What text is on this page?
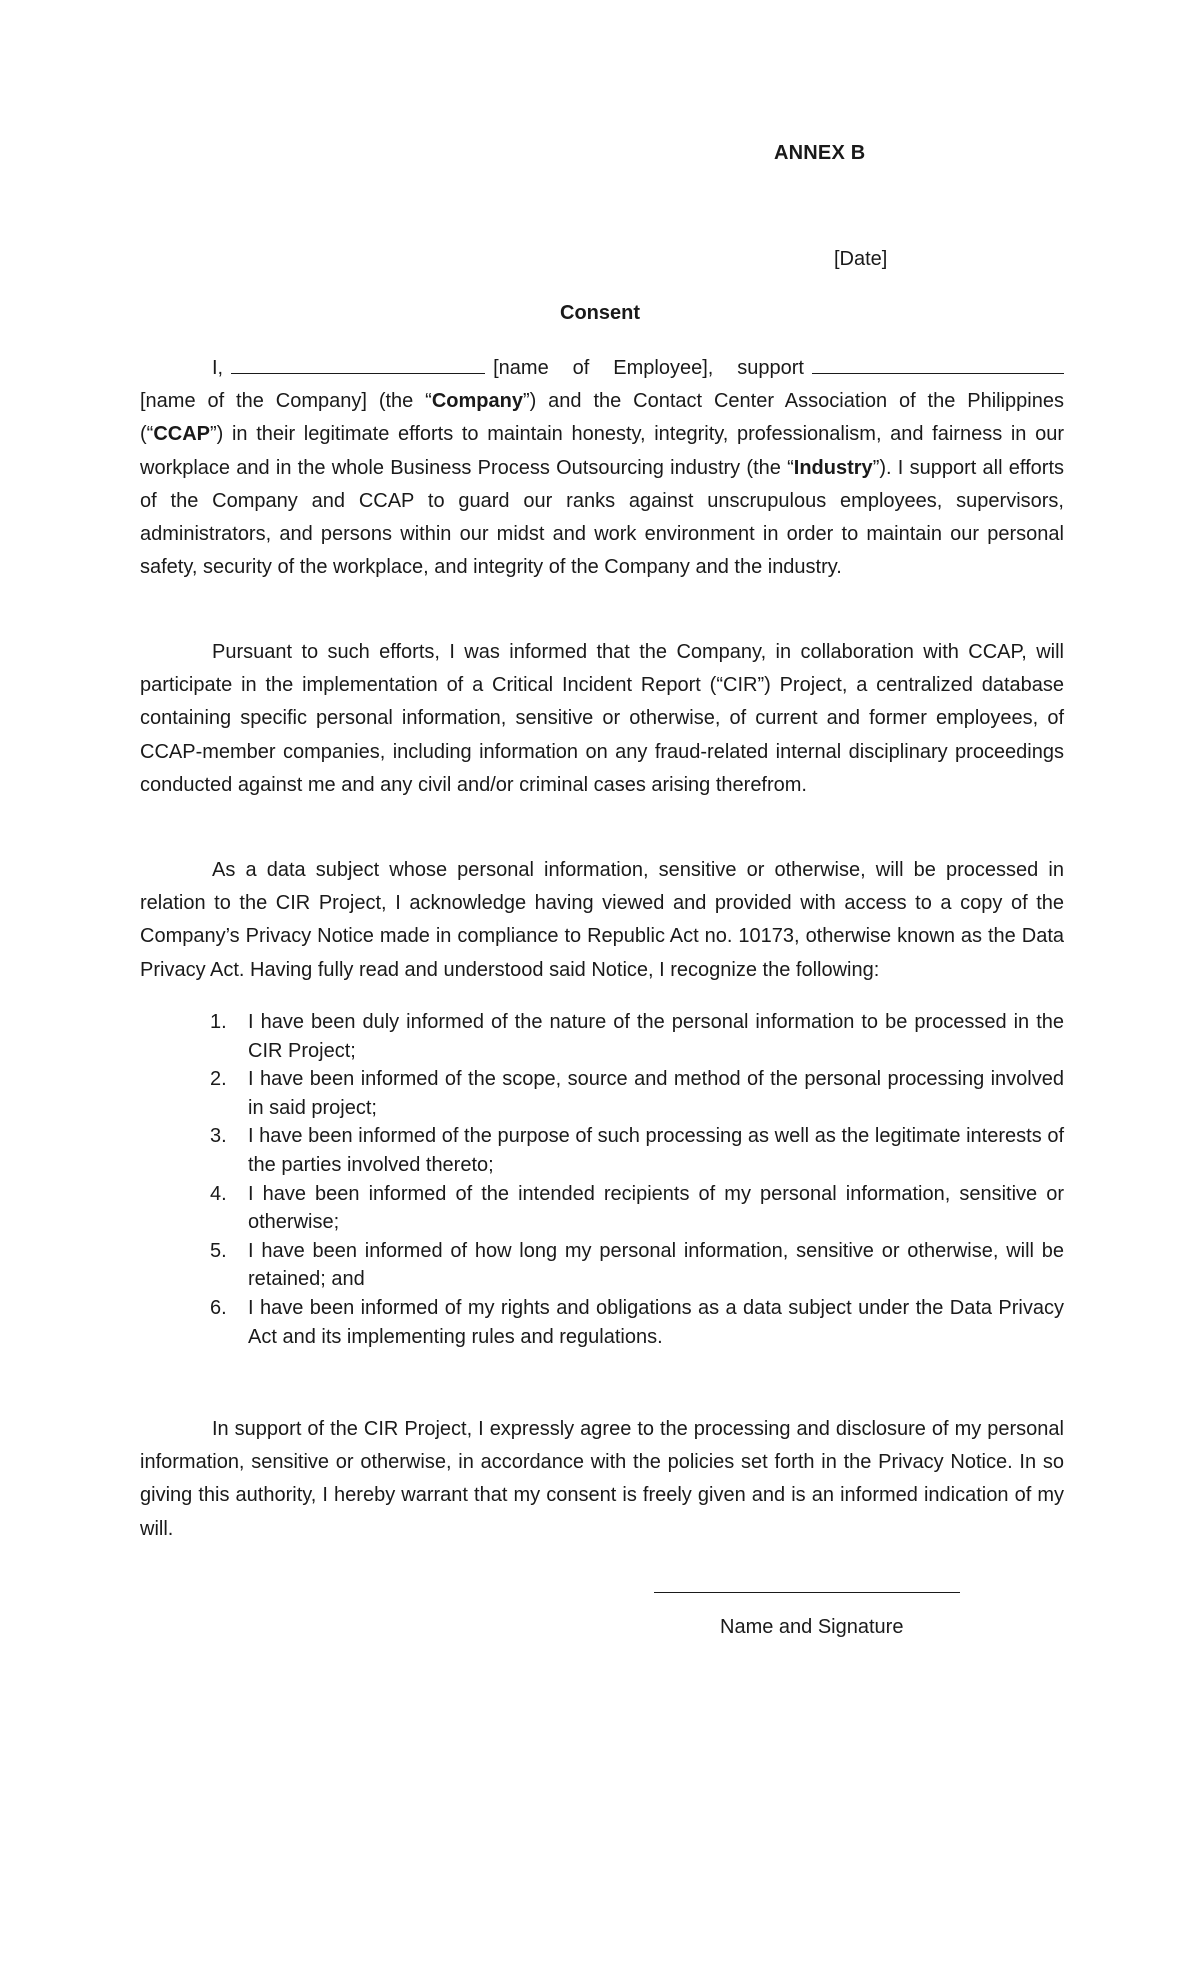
ANNEX B
[Date]
Consent
I,	[name of Employee], support [name of the Company] (the “Company”) and the Contact Center Association of the Philippines (“CCAP”) in their legitimate efforts to maintain honesty, integrity, professionalism, and fairness in our workplace and in the whole Business Process Outsourcing industry (the “Industry”). I support all efforts of the Company and CCAP to guard our ranks against unscrupulous employees, supervisors, administrators, and persons within our midst and work environment in order to maintain our personal safety, security of the workplace, and integrity of the Company and the industry.
Pursuant to such efforts, I was informed that the Company, in collaboration with CCAP, will participate in the implementation of a Critical Incident Report (“CIR”) Project, a centralized database containing specific personal information, sensitive or otherwise, of current and former employees, of CCAP-member companies, including information on any fraud-related internal disciplinary proceedings conducted against me and any civil and/or criminal cases arising therefrom.
As a data subject whose personal information, sensitive or otherwise, will be processed in relation to the CIR Project, I acknowledge having viewed and provided with access to a copy of the Company’s Privacy Notice made in compliance to Republic Act no. 10173, otherwise known as the Data Privacy Act. Having fully read and understood said Notice, I recognize the following:
1. I have been duly informed of the nature of the personal information to be processed in the CIR Project;
2. I have been informed of the scope, source and method of the personal processing involved in said project;
3. I have been informed of the purpose of such processing as well as the legitimate interests of the parties involved thereto;
4. I have been informed of the intended recipients of my personal information, sensitive or otherwise;
5. I have been informed of how long my personal information, sensitive or otherwise, will be retained; and
6. I have been informed of my rights and obligations as a data subject under the Data Privacy Act and its implementing rules and regulations.
In support of the CIR Project, I expressly agree to the processing and disclosure of my personal information, sensitive or otherwise, in accordance with the policies set forth in the Privacy Notice. In so giving this authority, I hereby warrant that my consent is freely given and is an informed indication of my will.
Name and Signature
